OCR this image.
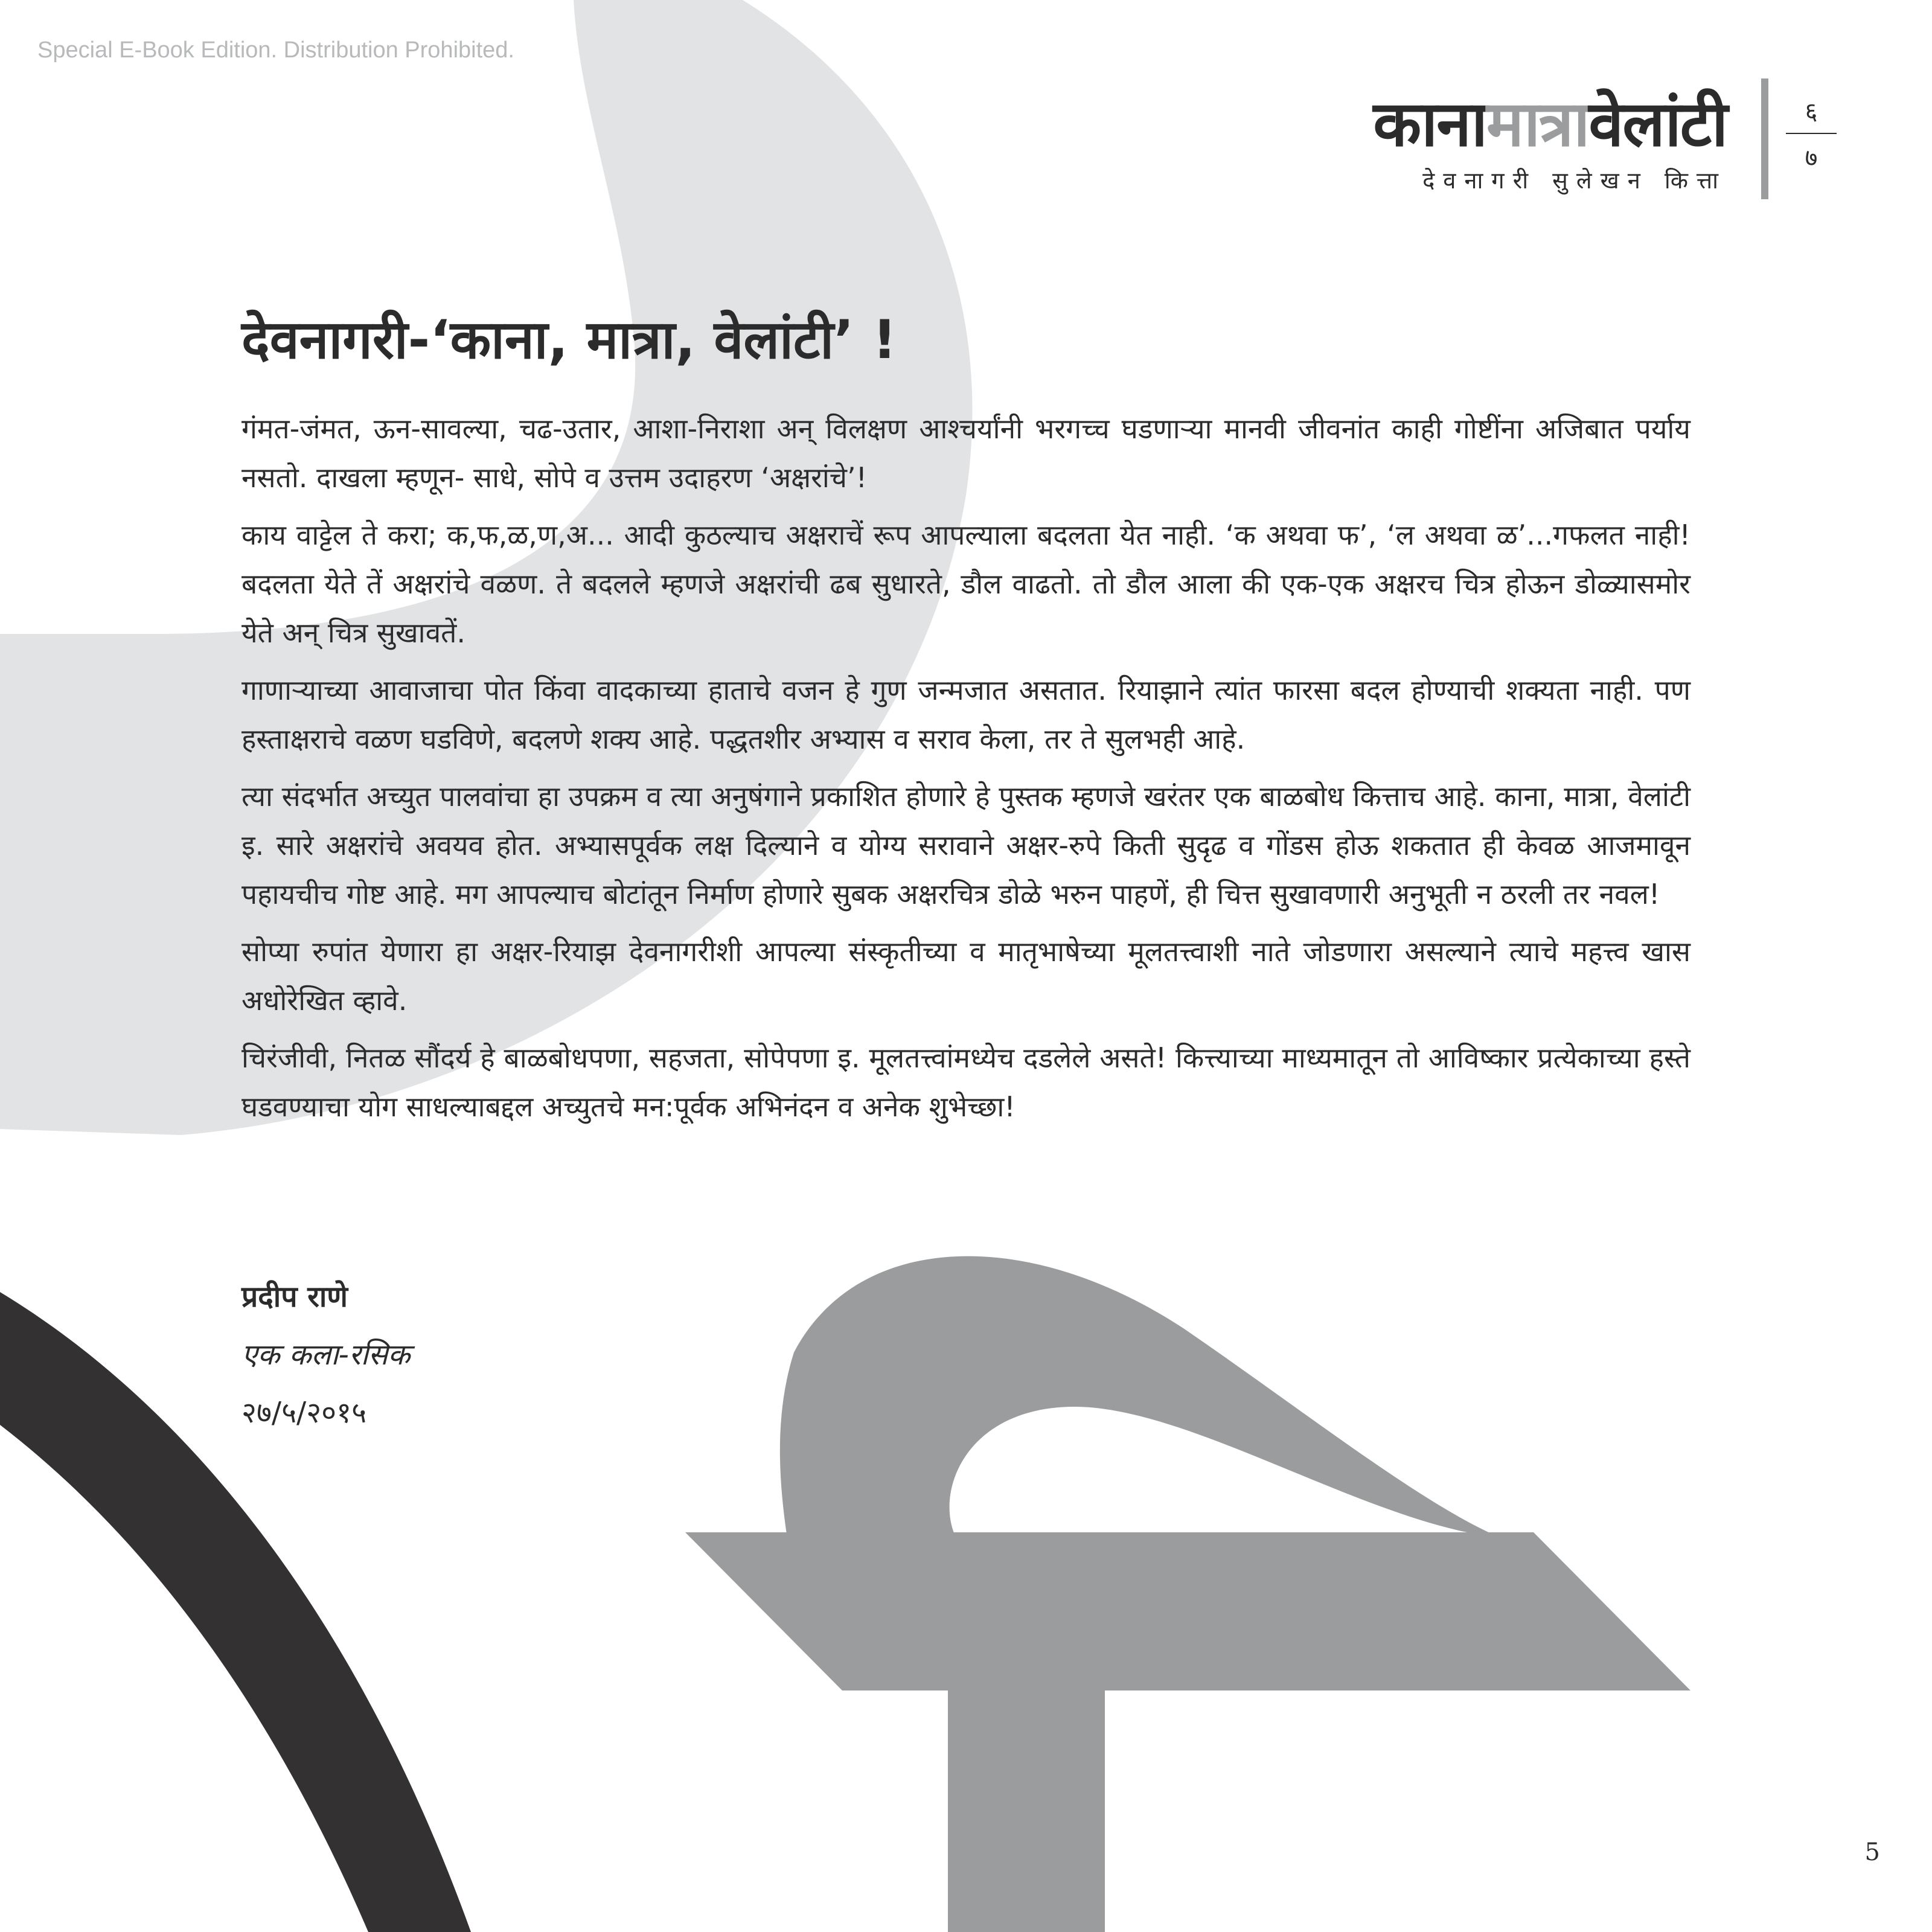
Special E-Book Edition. Distribution Prohibited.
कानामात्रावेलांटी
देवनागरी सुलेखन कित्ता
६
७
देवनागरी-‘काना, मात्रा, वेलांटी’ !

गंमत-जंमत, ऊन-सावल्या, चढ-उतार, आशा-निराशा अन् विलक्षण आश्चर्यांनी भरगच्च घडणाऱ्या मानवी जीवनांत काही गोष्टींना अजिबात पर्याय नसतो. दाखला म्हणून- साधे, सोपे व उत्तम उदाहरण ‘अक्षरांचे’!

काय वाट्टेल ते करा; क,फ,ळ,ण,अ... आदी कुठल्याच अक्षराचें रूप आपल्याला बदलता येत नाही. ‘क अथवा फ’, ‘ल अथवा ळ’...गफलत नाही! बदलता येते तें अक्षरांचे वळण. ते बदलले म्हणजे अक्षरांची ढब सुधारते, डौल वाढतो. तो डौल आला की एक-एक अक्षरच चित्र होऊन डोळ्यासमोर येते अन् चित्र सुखावतें.

गाणाऱ्याच्या आवाजाचा पोत किंवा वादकाच्या हाताचे वजन हे गुण जन्मजात असतात. रियाझाने त्यांत फारसा बदल होण्याची शक्यता नाही. पण हस्ताक्षराचे वळण घडविणे, बदलणे शक्य आहे. पद्धतशीर अभ्यास व सराव केला, तर ते सुलभही आहे.

त्या संदर्भात अच्युत पालवांचा हा उपक्रम व त्या अनुषंगाने प्रकाशित होणारे हे पुस्तक म्हणजे खरंतर एक बाळबोध कित्ताच आहे. काना, मात्रा, वेलांटी इ. सारे अक्षरांचे अवयव होत. अभ्यासपूर्वक लक्ष दिल्याने व योग्य सरावाने अक्षर-रुपे किती सुदृढ व गोंडस होऊ शकतात ही केवळ आजमावून पहायचीच गोष्ट आहे. मग आपल्याच बोटांतून निर्माण होणारे सुबक अक्षरचित्र डोळे भरुन पाहणें, ही चित्त सुखावणारी अनुभूती न ठरली तर नवल!

सोप्या रुपांत येणारा हा अक्षर-रियाझ देवनागरीशी आपल्या संस्कृतीच्या व मातृभाषेच्या मूलतत्त्वाशी नाते जोडणारा असल्याने त्याचे महत्त्व खास अधोरेखित व्हावे.

चिरंजीवी, नितळ सौंदर्य हे बाळबोधपणा, सहजता, सोपेपणा इ. मूलतत्त्वांमध्येच दडलेले असते! कित्त्याच्या माध्यमातून तो आविष्कार प्रत्येकाच्या हस्ते घडवण्याचा योग साधल्याबद्दल अच्युतचे मन:पूर्वक अभिनंदन व अनेक शुभेच्छा!

प्रदीप राणे
एक कला-रसिक
२७/५/२०१५
5
